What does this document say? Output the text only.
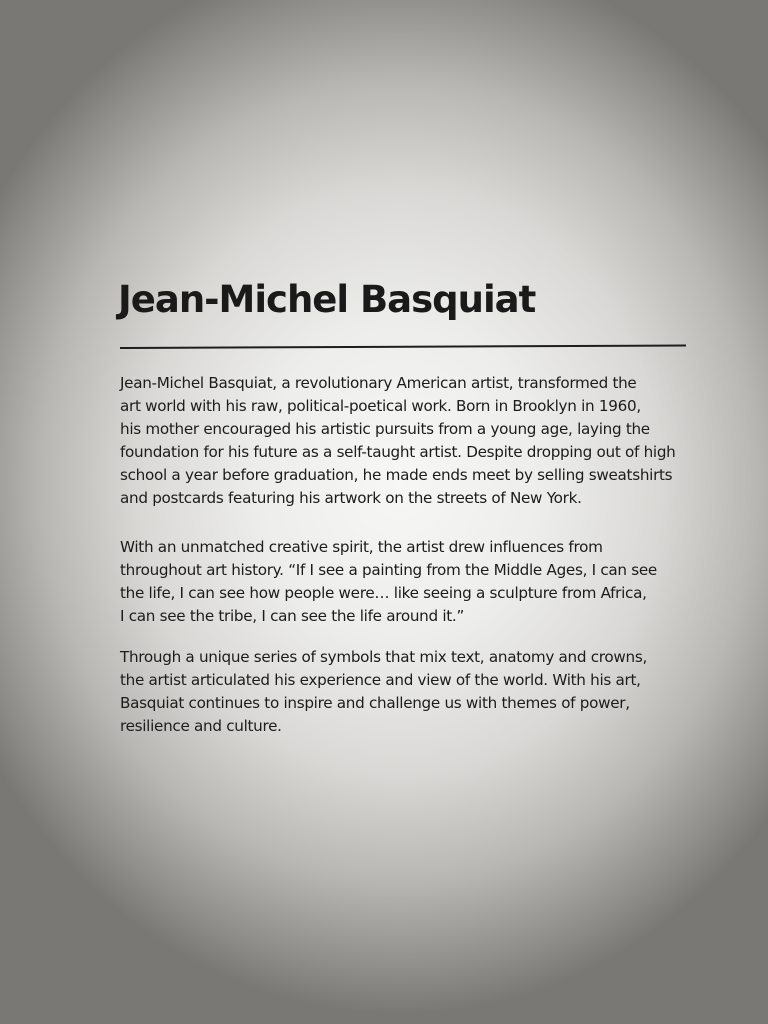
Jean-Michel Basquiat

Jean-Michel Basquiat, a revolutionary American artist, transformed the
art world with his raw, political-poetical work. Born in Brooklyn in 1960,
his mother encouraged his artistic pursuits from a young age, laying the
foundation for his future as a self-taught artist. Despite dropping out of high
school a year before graduation, he made ends meet by selling sweatshirts
and postcards featuring his artwork on the streets of New York.

With an unmatched creative spirit, the artist drew influences from
throughout art history. “If I see a painting from the Middle Ages, I can see
the life, I can see how people were… like seeing a sculpture from Africa,
I can see the tribe, I can see the life around it.”

Through a unique series of symbols that mix text, anatomy and crowns,
the artist articulated his experience and view of the world. With his art,
Basquiat continues to inspire and challenge us with themes of power,
resilience and culture.
